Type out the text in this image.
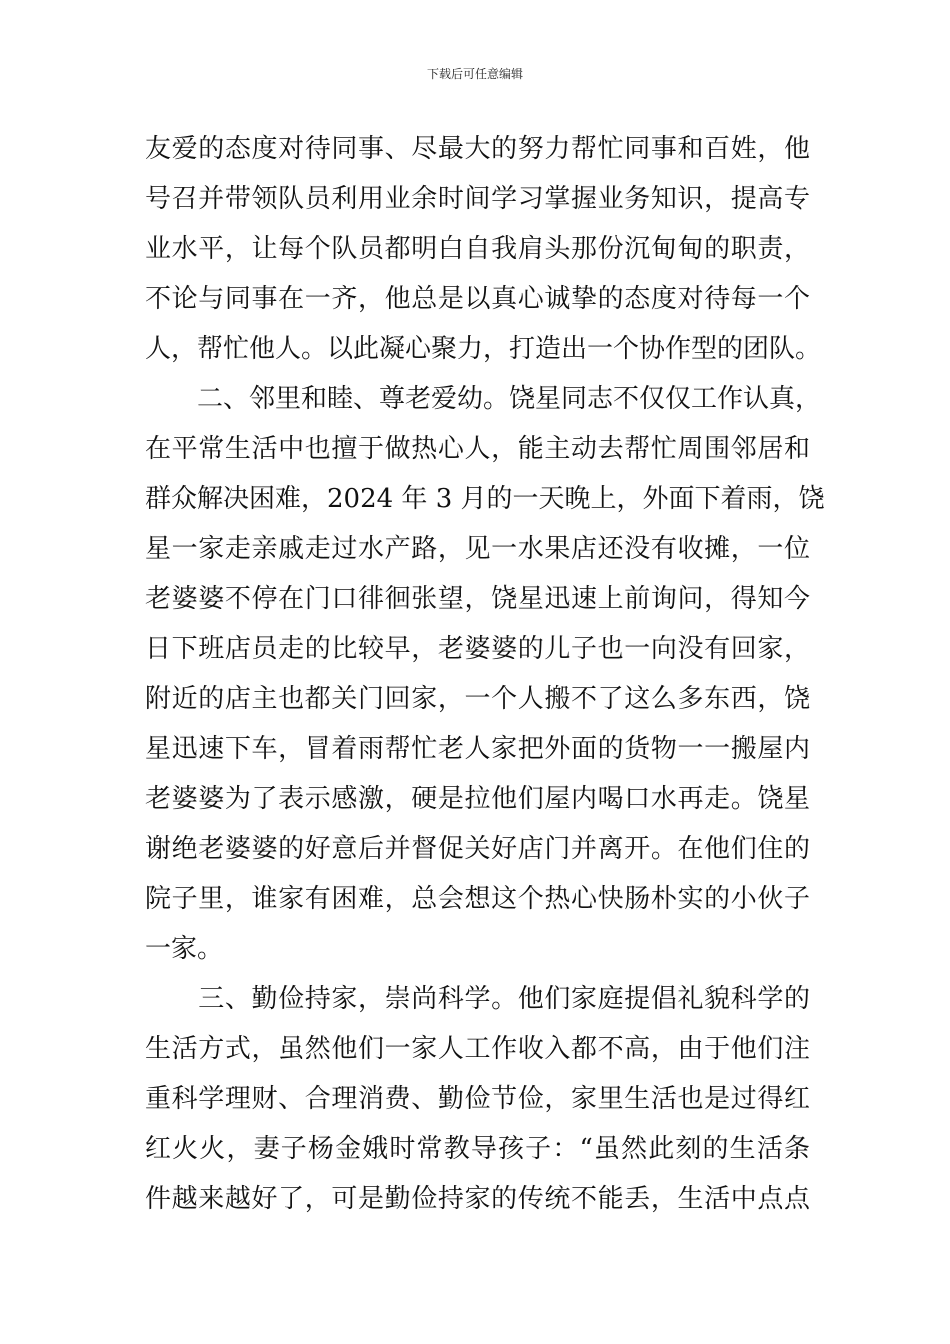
下载后可任意编辑
友爱的态度对待同事、尽最大的努力帮忙同事和百姓，他
号召并带领队员利用业余时间学习掌握业务知识，提高专
业水平，让每个队员都明白自我肩头那份沉甸甸的职责，
不论与同事在一齐，他总是以真心诚挚的态度对待每一个
人，帮忙他人。以此凝心聚力，打造出一个协作型的团队。
　　二、邻里和睦、尊老爱幼。饶星同志不仅仅工作认真，
在平常生活中也擅于做热心人，能主动去帮忙周围邻居和
群众解决困难，2024 年 3 月的一天晚上，外面下着雨，饶
星一家走亲戚走过水产路，见一水果店还没有收摊，一位
老婆婆不停在门口徘徊张望，饶星迅速上前询问，得知今
日下班店员走的比较早，老婆婆的儿子也一向没有回家，
附近的店主也都关门回家，一个人搬不了这么多东西，饶
星迅速下车，冒着雨帮忙老人家把外面的货物一一搬屋内
老婆婆为了表示感激，硬是拉他们屋内喝口水再走。饶星
谢绝老婆婆的好意后并督促关好店门并离开。在他们住的
院子里，谁家有困难，总会想这个热心快肠朴实的小伙子
一家。
　　三、勤俭持家，崇尚科学。他们家庭提倡礼貌科学的
生活方式，虽然他们一家人工作收入都不高，由于他们注
重科学理财、合理消费、勤俭节俭，家里生活也是过得红
红火火，妻子杨金娥时常教导孩子：“虽然此刻的生活条
件越来越好了，可是勤俭持家的传统不能丢，生活中点点
